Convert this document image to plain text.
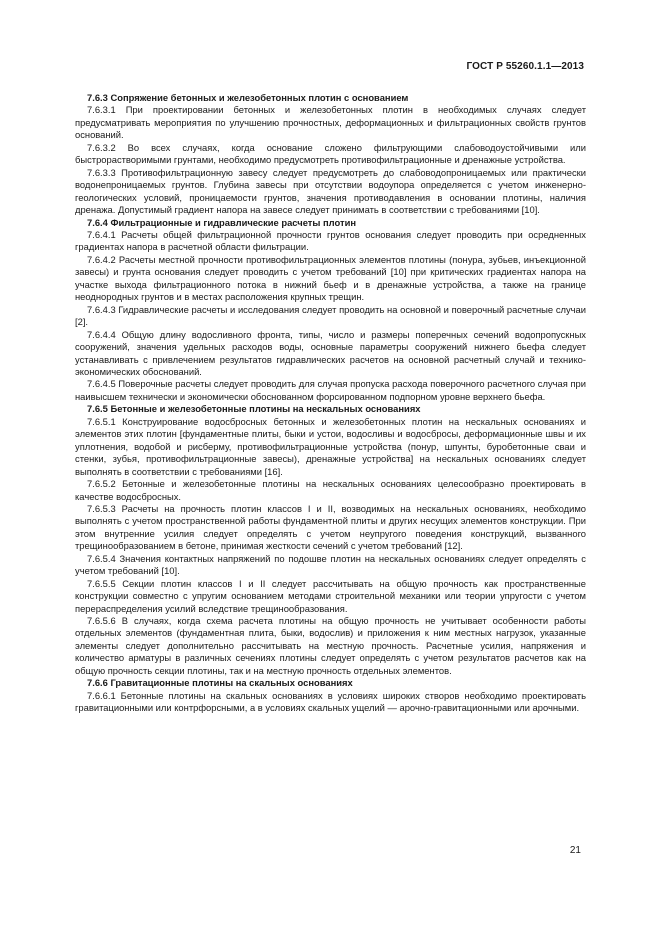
ГОСТ Р 55260.1.1—2013

7.6.3 Сопряжение бетонных и железобетонных плотин с основанием

7.6.3.1 При проектировании бетонных и железобетонных плотин в необходимых случаях следует предусматривать мероприятия по улучшению прочностных, деформационных и фильтрационных свойств грунтов оснований.

7.6.3.2 Во всех случаях, когда основание сложено фильтрующими слабоводоустойчивыми или быстрорастворимыми грунтами, необходимо предусмотреть противофильтрационные и дренажные устройства.

7.6.3.3 Противофильтрационную завесу следует предусмотреть до слабоводопроницаемых или практически водонепроницаемых грунтов. Глубина завесы при отсутствии водоупора определяется с учетом инженерно-геологических условий, проницаемости грунтов, значения противодавления в основании плотины, наличия дренажа. Допустимый градиент напора на завесе следует принимать в соответствии с требованиями [10].

7.6.4 Фильтрационные и гидравлические расчеты плотин

7.6.4.1 Расчеты общей фильтрационной прочности грунтов основания следует проводить при осредненных градиентах напора в расчетной области фильтрации.

7.6.4.2 Расчеты местной прочности противофильтрационных элементов плотины (понура, зубьев, инъекционной завесы) и грунта основания следует проводить с учетом требований [10] при критических градиентах напора на участке выхода фильтрационного потока в нижний бьеф и в дренажные устройства, а также на границе неоднородных грунтов и в местах расположения крупных трещин.

7.6.4.3 Гидравлические расчеты и исследования следует проводить на основной и поверочный расчетные случаи [2].

7.6.4.4 Общую длину водосливного фронта, типы, число и размеры поперечных сечений водопропускных сооружений, значения удельных расходов воды, основные параметры сооружений нижнего бьефа следует устанавливать с привлечением результатов гидравлических расчетов на основной расчетный случай и технико-экономических обоснований.

7.6.4.5 Поверочные расчеты следует проводить для случая пропуска расхода поверочного расчетного случая при наивысшем технически и экономически обоснованном форсированном подпорном уровне верхнего бьефа.

7.6.5 Бетонные и железобетонные плотины на нескальных основаниях

7.6.5.1 Конструирование водосбросных бетонных и железобетонных плотин на нескальных основаниях и элементов этих плотин [фундаментные плиты, быки и устои, водосливы и водосбросы, деформационные швы и их уплотнения, водобой и рисберму, противофильтрационные устройства (понур, шпунты, буробетонные сваи и стенки, зубья, противофильтрационные завесы), дренажные устройства] на нескальных основаниях следует выполнять в соответствии с требованиями [16].

7.6.5.2 Бетонные и железобетонные плотины на нескальных основаниях целесообразно проектировать в качестве водосбросных.

7.6.5.3 Расчеты на прочность плотин классов I и II, возводимых на нескальных основаниях, необходимо выполнять с учетом пространственной работы фундаментной плиты и других несущих элементов конструкции. При этом внутренние усилия следует определять с учетом неупругого поведения конструкций, вызванного трещинообразованием в бетоне, принимая жесткости сечений с учетом требований [12].

7.6.5.4 Значения контактных напряжений по подошве плотин на нескальных основаниях следует определять с учетом требований [10].

7.6.5.5 Секции плотин классов I и II следует рассчитывать на общую прочность как пространственные конструкции совместно с упругим основанием методами строительной механики или теории упругости с учетом перераспределения усилий вследствие трещинообразования.

7.6.5.6 В случаях, когда схема расчета плотины на общую прочность не учитывает особенности работы отдельных элементов (фундаментная плита, быки, водослив) и приложения к ним местных нагрузок, указанные элементы следует дополнительно рассчитывать на местную прочность. Расчетные усилия, напряжения и количество арматуры в различных сечениях плотины следует определять с учетом результатов расчетов как на общую прочность секции плотины, так и на местную прочность отдельных элементов.

7.6.6 Гравитационные плотины на скальных основаниях

7.6.6.1 Бетонные плотины на скальных основаниях в условиях широких створов необходимо проектировать гравитационными или контрфорсными, а в условиях скальных ущелий — арочно-гравитационными или арочными.

21
